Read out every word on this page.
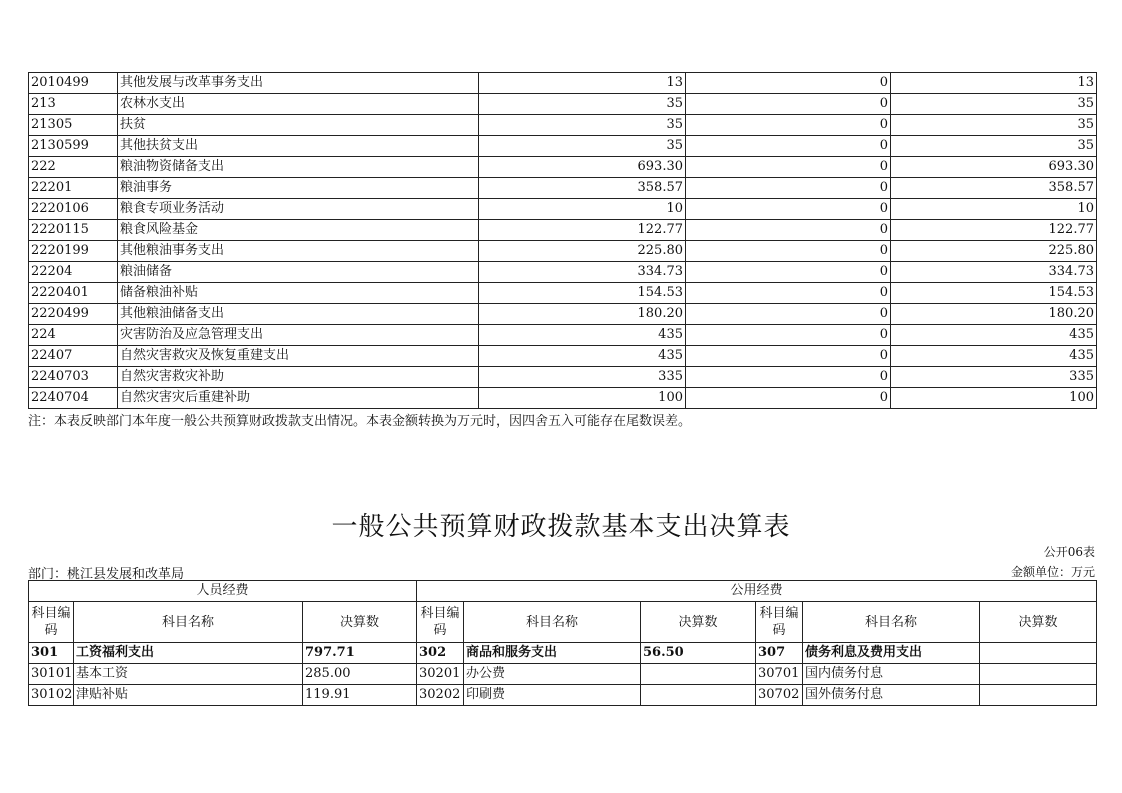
2010499	其他发展与改革事务支出	13	0	13
213	农林水支出	35	0	35
21305	扶贫	35	0	35
2130599	其他扶贫支出	35	0	35
222	粮油物资储备支出	693.30	0	693.30
22201	粮油事务	358.57	0	358.57
2220106	粮食专项业务活动	10	0	10
2220115	粮食风险基金	122.77	0	122.77
2220199	其他粮油事务支出	225.80	0	225.80
22204	粮油储备	334.73	0	334.73
2220401	储备粮油补贴	154.53	0	154.53
2220499	其他粮油储备支出	180.20	0	180.20
224	灾害防治及应急管理支出	435	0	435
22407	自然灾害救灾及恢复重建支出	435	0	435
2240703	自然灾害救灾补助	335	0	335
2240704	自然灾害灾后重建补助	100	0	100
注：本表反映部门本年度一般公共预算财政拨款支出情况。本表金额转换为万元时，因四舍五入可能存在尾数误差。
一般公共预算财政拨款基本支出决算表
公开06表
部门：桃江县发展和改革局	金额单位：万元
人员经费			公用经费					
科目编码	科目名称	决算数	科目编码	科目名称	决算数	科目编码	科目名称	决算数
301	工资福利支出	797.71	302	商品和服务支出	56.50	307	债务利息及费用支出	
30101	基本工资	285.00	30201	办公费		30701	国内债务付息	
30102	津贴补贴	119.91	30202	印刷费		30702	国外债务付息	
